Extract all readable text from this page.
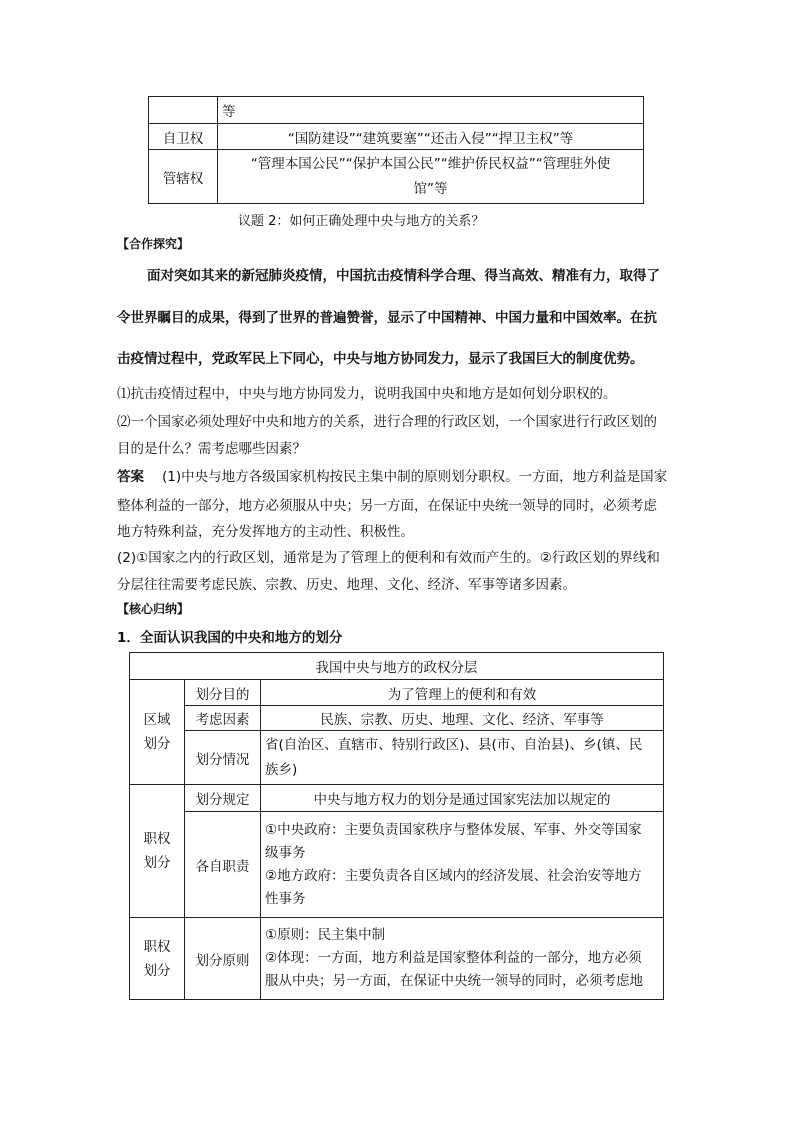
	等
自卫权	“国防建设”“建筑要塞”“还击入侵”“捍卫主权”等
管辖权	“管理本国公民”“保护本国公民”“维护侨民权益”“管理驻外使
馆”等
议题 2：如何正确处理中央与地方的关系？
【合作探究】
面对突如其来的新冠肺炎疫情，中国抗击疫情科学合理、得当高效、精准有力，取得了
令世界瞩目的成果，得到了世界的普遍赞誉，显示了中国精神、中国力量和中国效率。在抗
击疫情过程中，党政军民上下同心，中央与地方协同发力，显示了我国巨大的制度优势。
⑴抗击疫情过程中，中央与地方协同发力，说明我国中央和地方是如何划分职权的。
⑵一个国家必须处理好中央和地方的关系，进行合理的行政区划，一个国家进行行政区划的
目的是什么？需考虑哪些因素？
答案 (1)中央与地方各级国家机构按民主集中制的原则划分职权。一方面，地方利益是国家
整体利益的一部分，地方必须服从中央；另一方面，在保证中央统一领导的同时，必须考虑
地方特殊利益，充分发挥地方的主动性、积极性。
(2)①国家之内的行政区划，通常是为了管理上的便利和有效而产生的。②行政区划的界线和
分层往往需要考虑民族、宗教、历史、地理、文化、经济、军事等诸多因素。
【核心归纳】
1．全面认识我国的中央和地方的划分
我国中央与地方的政权分层		
区域
划分	划分目的	为了管理上的便利和有效
	考虑因素	民族、宗教、历史、地理、文化、经济、军事等
	划分情况	省(自治区、直辖市、特别行政区)、县(市、自治县)、乡(镇、民
族乡)
职权
划分	划分规定	中央与地方权力的划分是通过国家宪法加以规定的
	各自职责	①中央政府：主要负责国家秩序与整体发展、军事、外交等国家
级事务
②地方政府：主要负责各自区域内的经济发展、社会治安等地方
性事务
职权
划分	划分原则	①原则：民主集中制
②体现：一方面，地方利益是国家整体利益的一部分，地方必须
服从中央；另一方面，在保证中央统一领导的同时，必须考虑地
